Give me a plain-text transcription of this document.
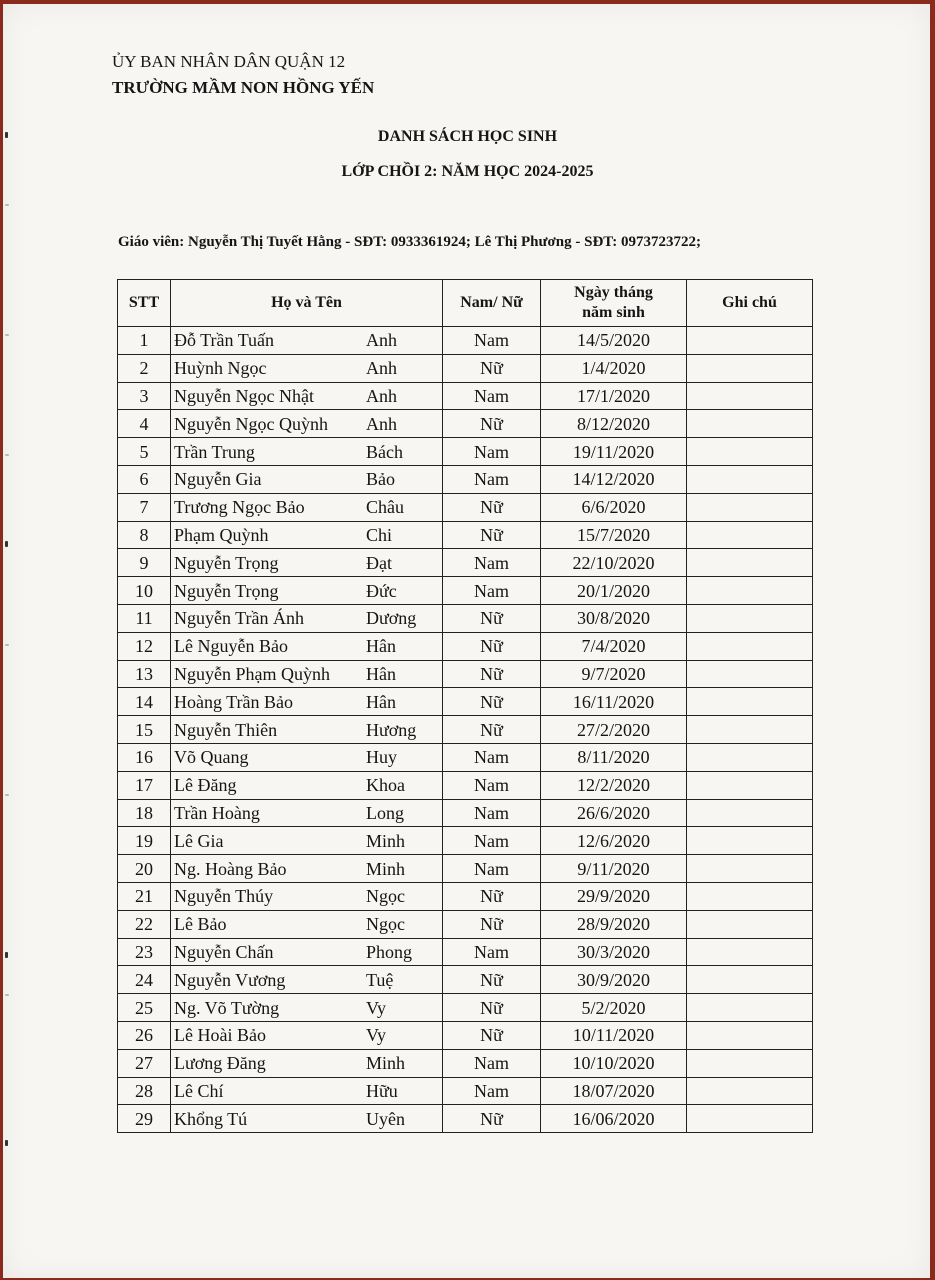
ỦY BAN NHÂN DÂN QUẬN 12
TRƯỜNG MẦM NON HỒNG YẾN
DANH SÁCH HỌC SINH
LỚP CHỒI 2: NĂM HỌC 2024-2025
Giáo viên: Nguyễn Thị Tuyết Hằng - SĐT: 0933361924; Lê Thị Phương - SĐT: 0973723722;
STT	Họ và Tên	Nam/ Nữ	Ngày tháng năm sinh	Ghi chú
1	Đỗ Trần Tuấn Anh	Nam	14/5/2020	
2	Huỳnh Ngọc Anh	Nữ	1/4/2020	
3	Nguyễn Ngọc Nhật Anh	Nam	17/1/2020	
4	Nguyễn Ngọc Quỳnh Anh	Nữ	8/12/2020	
5	Trần Trung Bách	Nam	19/11/2020	
6	Nguyễn Gia Bảo	Nam	14/12/2020	
7	Trương Ngọc Bảo Châu	Nữ	6/6/2020	
8	Phạm Quỳnh Chi	Nữ	15/7/2020	
9	Nguyễn Trọng Đạt	Nam	22/10/2020	
10	Nguyễn Trọng Đức	Nam	20/1/2020	
11	Nguyễn Trần Ánh Dương	Nữ	30/8/2020	
12	Lê Nguyễn Bảo Hân	Nữ	7/4/2020	
13	Nguyễn Phạm Quỳnh Hân	Nữ	9/7/2020	
14	Hoàng Trần Bảo Hân	Nữ	16/11/2020	
15	Nguyễn Thiên Hương	Nữ	27/2/2020	
16	Võ Quang Huy	Nam	8/11/2020	
17	Lê Đăng Khoa	Nam	12/2/2020	
18	Trần Hoàng Long	Nam	26/6/2020	
19	Lê Gia Minh	Nam	12/6/2020	
20	Ng. Hoàng Bảo Minh	Nam	9/11/2020	
21	Nguyễn Thúy Ngọc	Nữ	29/9/2020	
22	Lê Bảo Ngọc	Nữ	28/9/2020	
23	Nguyễn Chấn Phong	Nam	30/3/2020	
24	Nguyễn Vương Tuệ	Nữ	30/9/2020	
25	Ng. Võ Tường Vy	Nữ	5/2/2020	
26	Lê Hoài Bảo Vy	Nữ	10/11/2020	
27	Lương Đăng Minh	Nam	10/10/2020	
28	Lê Chí Hữu	Nam	18/07/2020	
29	Khổng Tú Uyên	Nữ	16/06/2020	
